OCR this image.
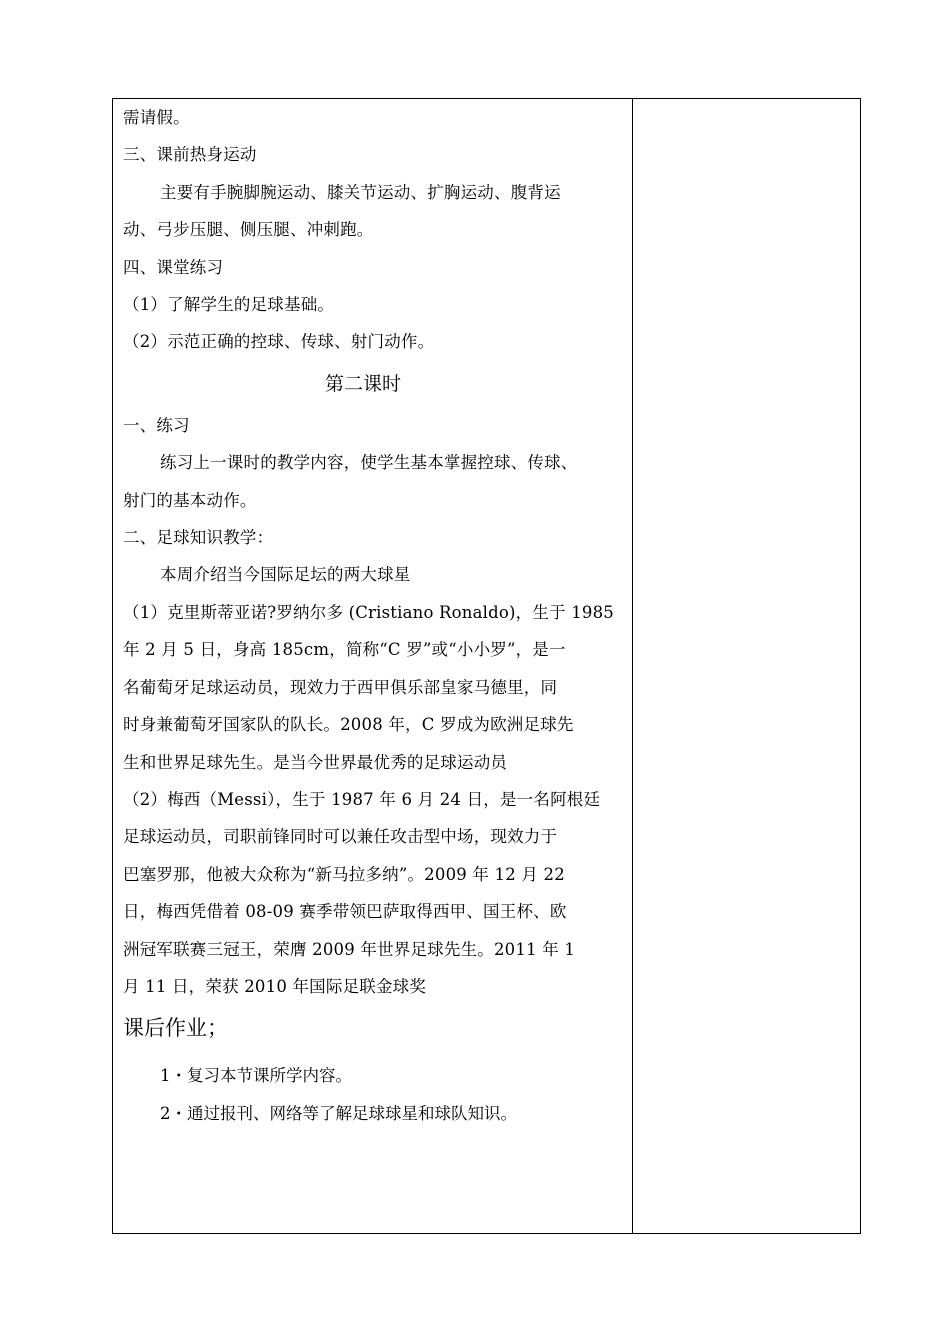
需请假。
三、课前热身运动
主要有手腕脚腕运动、膝关节运动、扩胸运动、腹背运
动、弓步压腿、侧压腿、冲刺跑。
四、课堂练习
（1）了解学生的足球基础。
（2）示范正确的控球、传球、射门动作。
第二课时
一、练习
练习上一课时的教学内容，使学生基本掌握控球、传球、
射门的基本动作。
二、足球知识教学：
本周介绍当今国际足坛的两大球星
（1）克里斯蒂亚诺?罗纳尔多 (Cristiano Ronaldo)，生于 1985
年 2 月 5 日，身高 185cm，简称“C 罗”或“小小罗”，是一
名葡萄牙足球运动员，现效力于西甲俱乐部皇家马德里，同
时身兼葡萄牙国家队的队长。2008 年，C 罗成为欧洲足球先
生和世界足球先生。是当今世界最优秀的足球运动员
（2）梅西（Messi），生于 1987 年 6 月 24 日，是一名阿根廷
足球运动员，司职前锋同时可以兼任攻击型中场，现效力于
巴塞罗那，他被大众称为“新马拉多纳”。2009 年 12 月 22
日，梅西凭借着 08-09 赛季带领巴萨取得西甲、国王杯、欧
洲冠军联赛三冠王，荣膺 2009 年世界足球先生。2011 年 1
月 11 日，荣获 2010 年国际足联金球奖
课后作业；
1・复习本节课所学内容。
2・通过报刊、网络等了解足球球星和球队知识。
